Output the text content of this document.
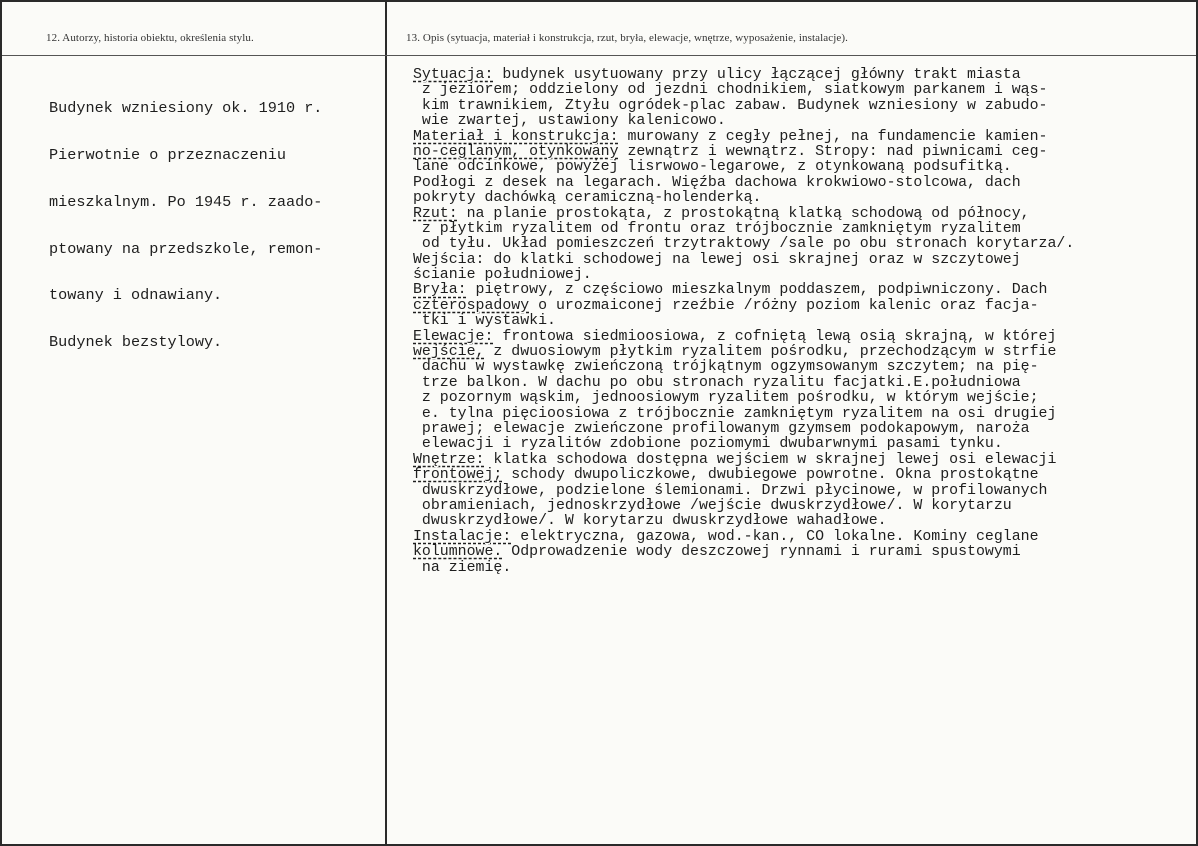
12. Autorzy, historia obiektu, określenia stylu.	13. Opis (sytuacja, materiał i konstrukcja, rzut, bryła, elewacje, wnętrze, wyposażenie, instalacje).

Budynek wzniesiony ok. 1910 r.

Pierwotnie o przeznaczeniu

mieszkalnym. Po 1945 r. zaado-

ptowany na przedszkole, remon-

towany i odnawiany.

Budynek bezstylowy.

Sytuacja: budynek usytuowany przy ulicy łączącej główny trakt miasta
z jeziorem; oddzielony od jezdni chodnikiem, siatkowym parkanem i wąs-
kim trawnikiem, Ztyłu ogródek-plac zabaw. Budynek wzniesiony w zabudo-
wie zwartej, ustawiony kalenicowo.
Materiał i konstrukcja: murowany z cegły pełnej, na fundamencie kamien-
no-ceglanym, otynkowany zewnątrz i wewnątrz. Stropy: nad piwnicami ceg-
lane odcinkowe, powyżej lisrwowo-legarowe, z otynkowaną podsufitką.
Podłogi z desek na legarach. Więźba dachowa krokwiowo-stolcowa, dach
pokryty dachówką ceramiczną-holenderką.
Rzut: na planie prostokąta, z prostokątną klatką schodową od północy,
z płytkim ryzalitem od frontu oraz trójbocznie zamkniętym ryzalitem
od tyłu. Układ pomieszczeń trzytraktowy /sale po obu stronach korytarza/.
Wejścia: do klatki schodowej na lewej osi skrajnej oraz w szczytowej
ścianie południowej.
Bryła: piętrowy, z częściowo mieszkalnym poddaszem, podpiwniczony. Dach
czterospadowy o urozmaiconej rzeźbie /różny poziom kalenic oraz facja-
tki i wystawki.
Elewacje: frontowa siedmioosiowa, z cofniętą lewą osią skrajną, w której
wejście, z dwuosiowym płytkim ryzalitem pośrodku, przechodzącym w strfie
dachu w wystawkę zwieńczoną trójkątnym ogzymsowanym szczytem; na pię-
trze balkon. W dachu po obu stronach ryzalitu facjatki.E.południowa
z pozornym wąskim, jednoosiowym ryzalitem pośrodku, w którym wejście;
e. tylna pięcioosiowa z trójbocznie zamkniętym ryzalitem na osi drugiej
prawej; elewacje zwieńczone profilowanym gzymsem podokapowym, naroża
elewacji i ryzalitów zdobione poziomymi dwubarwnymi pasami tynku.
Wnętrze: klatka schodowa dostępna wejściem w skrajnej lewej osi elewacji
frontowej; schody dwupoliczkowe, dwubiegowe powrotne. Okna prostokątne
dwuskrzydłowe, podzielone ślemionami. Drzwi płycinowe, w profilowanych
obramieniach, jednoskrzydłowe /wejście dwuskrzydłowe/. W korytarzu
dwuskrzydłowe/. W korytarzu dwuskrzydłowe wahadłowe.
Instalacje: elektryczna, gazowa, wod.-kan., CO lokalne. Kominy ceglane
kolumnowe. Odprowadzenie wody deszczowej rynnami i rurami spustowymi
na ziemię.
